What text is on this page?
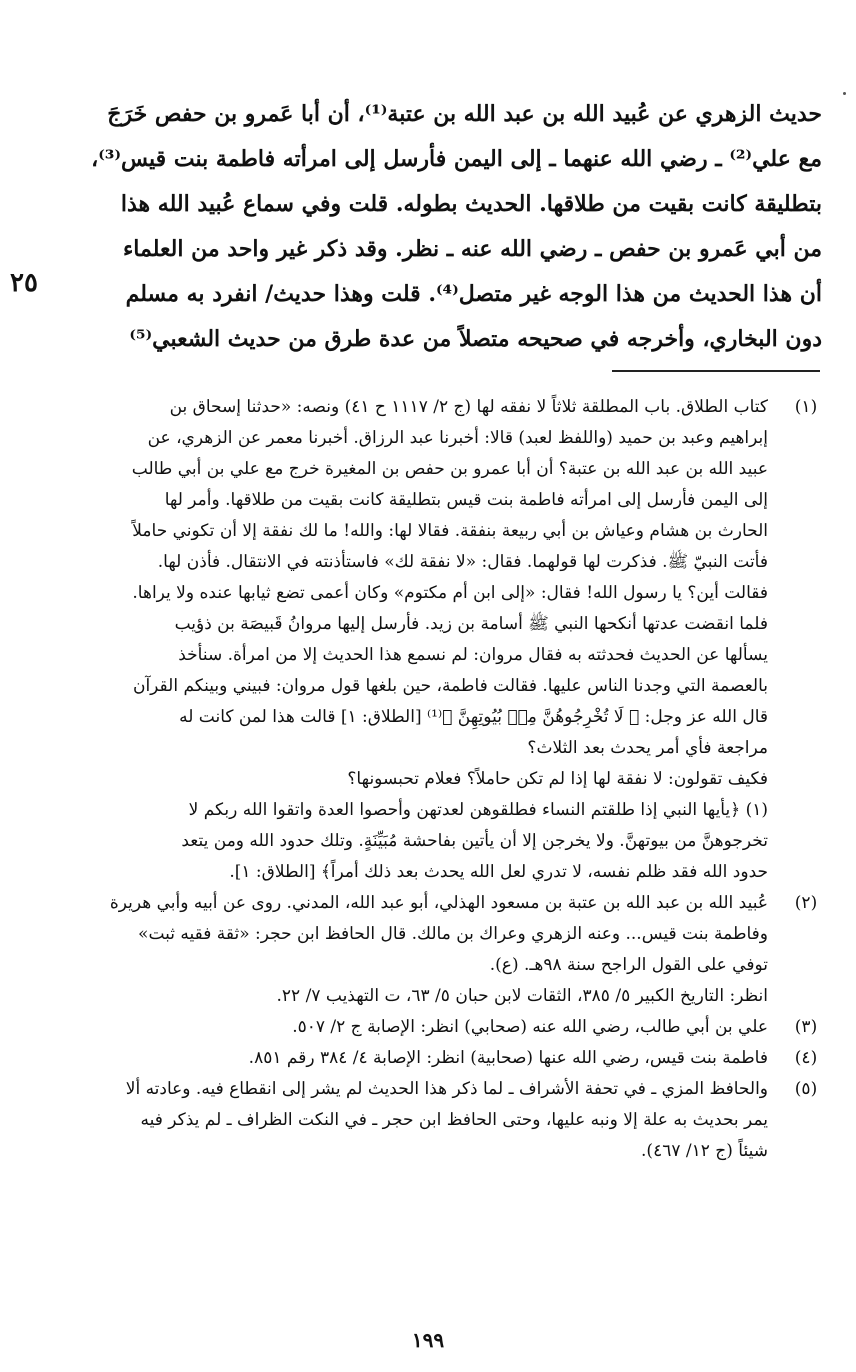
حديث الزهري عن عُبيد الله بن عبد الله بن عتبة⁽¹⁾، أن أبا عَمرو بن حفص خَرَجَ
مع علي⁽²⁾ ـ رضي الله عنهما ـ إلى اليمن فأرسل إلى امرأته فاطمة بنت قيس⁽³⁾،
بتطليقة كانت بقيت من طلاقها. الحديث بطوله. قلت وفي سماع عُبيد الله هذا
من أبي عَمرو بن حفص ـ رضي الله عنه ـ نظر. وقد ذكر غير واحد من العلماء
أن هذا الحديث من هذا الوجه غير متصل⁽⁴⁾. قلت وهذا حديث/ انفرد به مسلم
دون البخاري، وأخرجه في صحيحه متصلاً من عدة طرق من حديث الشعبي⁽⁵⁾
٢٥
(١)
كتاب الطلاق. باب المطلقة ثلاثاً لا نفقه لها (ج ٢/ ١١١٧ ح ٤١) ونصه: «حدثنا إسحاق بن
إبراهيم وعبد بن حميد (واللفظ لعبد) قالا: أخبرنا عبد الرزاق. أخبرنا معمر عن الزهري، عن
عبيد الله بن عبد الله بن عتبة؟ أن أبا عمرو بن حفص بن المغيرة خرج مع علي بن أبي طالب
إلى اليمن فأرسل إلى امرأته فاطمة بنت قيس بتطليقة كانت بقيت من طلاقها. وأمر لها
الحارث بن هشام وعياش بن أبي ربيعة بنفقة. فقالا لها: والله! ما لك نفقة إلا أن تكوني حاملاً
فأتت النبيّ ﷺ. فذكرت لها قولهما. فقال: «لا نفقة لك» فاستأذنته في الانتقال. فأذن لها.
فقالت أين؟ يا رسول الله! فقال: «إلى ابن أم مكتوم» وكان أعمى تضع ثيابها عنده ولا يراها.
فلما انقضت عدتها أنكحها النبي ﷺ أسامة بن زيد. فأرسل إليها مروانُ قَبيصَة بن ذؤيب
يسألها عن الحديث فحدثته به فقال مروان: لم نسمع هذا الحديث إلا من امرأة. سنأخذ
بالعصمة التي وجدنا الناس عليها. فقالت فاطمة، حين بلغها قول مروان: فبيني وبينكم القرآن
قال الله عز وجل: ﴿ لَا تُخْرِجُوهُنَّ مِنۢ بُيُوتِهِنَّ ﴾⁽¹⁾ [الطلاق: ١] قالت هذا لمن كانت له
مراجعة فأي أمر يحدث بعد الثلاث؟
فكيف تقولون: لا نفقة لها إذا لم تكن حاملاً؟ فعلام تحبسونها؟
(١) ﴿يأيها النبي إذا طلقتم النساء فطلقوهن لعدتهن وأحصوا العدة واتقوا الله ربكم لا
تخرجوهنَّ من بيوتهنَّ. ولا يخرجن إلا أن يأتين بفاحشة مُبَيِّنَةٍ. وتلك حدود الله ومن يتعد
حدود الله فقد ظلم نفسه، لا تدري لعل الله يحدث بعد ذلك أمراً﴾ [الطلاق: ١].
(٢)
عُبيد الله بن عبد الله بن عتبة بن مسعود الهذلي، أبو عبد الله، المدني. روى عن أبيه وأبي هريرة
وفاطمة بنت قيس... وعنه الزهري وعراك بن مالك. قال الحافظ ابن حجر: «ثقة فقيه ثبت»
توفي على القول الراجح سنة ٩٨هـ. (ع).
انظر: التاريخ الكبير ٥/ ٣٨٥، الثقات لابن حبان ٥/ ٦٣، ت التهذيب ٧/ ٢٢.
(٣)
علي بن أبي طالب، رضي الله عنه (صحابي) انظر: الإصابة ج ٢/ ٥٠٧.
(٤)
فاطمة بنت قيس، رضي الله عنها (صحابية) انظر: الإصابة ٤/ ٣٨٤ رقم ٨٥١.
(٥)
والحافظ المزي ـ في تحفة الأشراف ـ لما ذكر هذا الحديث لم يشر إلى انقطاع فيه. وعادته ألا
يمر بحديث به علة إلا ونبه عليها، وحتى الحافظ ابن حجر ـ في النكت الظراف ـ لم يذكر فيه
شيئاً (ج ١٢/ ٤٦٧).
١٩٩
